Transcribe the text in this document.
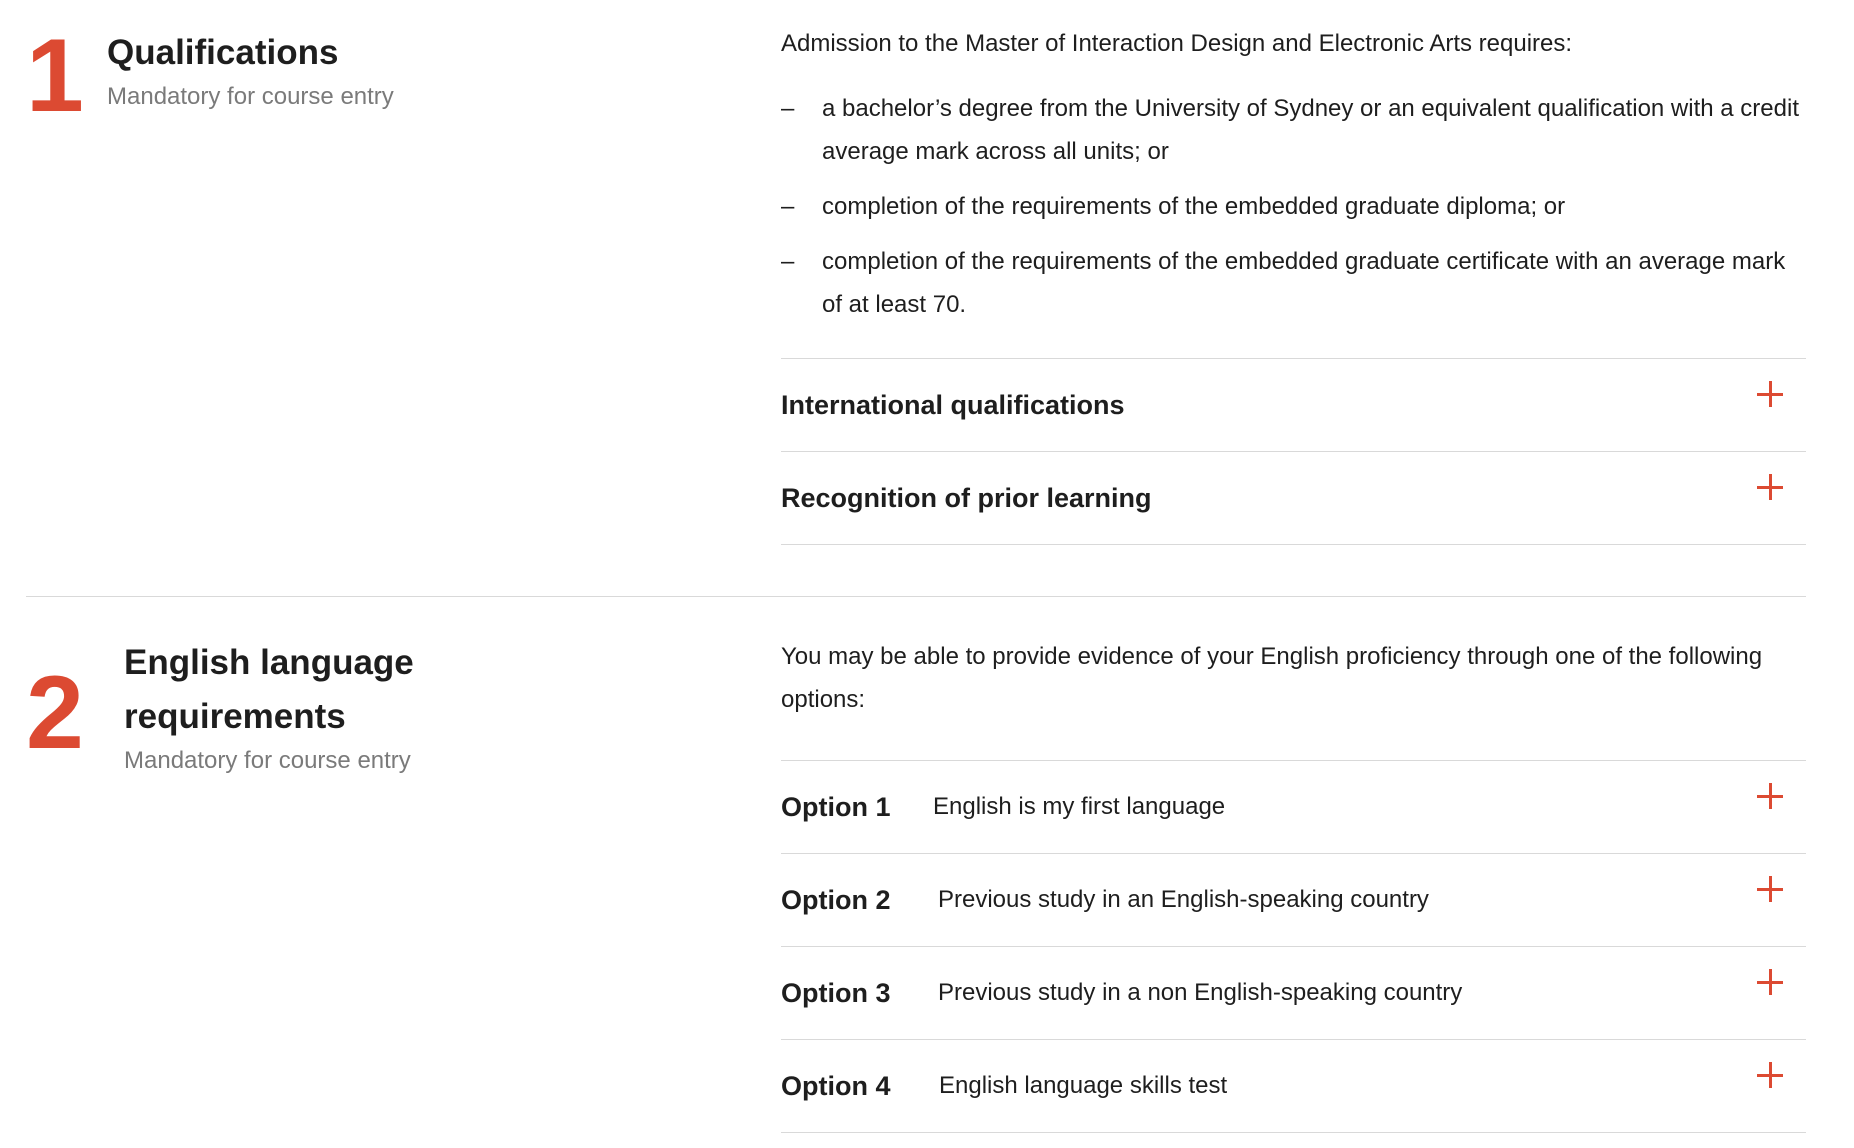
1 Qualifications

Mandatory for course entry

Admission to the Master of Interaction Design and Electronic Arts requires:

– a bachelor’s degree from the University of Sydney or an equivalent qualification with a credit average mark across all units; or
– completion of the requirements of the embedded graduate diploma; or
– completion of the requirements of the embedded graduate certificate with an average mark of at least 70.
International qualifications
Recognition of prior learning
2 English language
requirements

Mandatory for course entry

You may be able to provide evidence of your English proficiency through one of the following options:

Option 1 English is my first language
Option 2 Previous study in an English-speaking country
Option 3 Previous study in a non English-speaking country
Option 4 English language skills test
